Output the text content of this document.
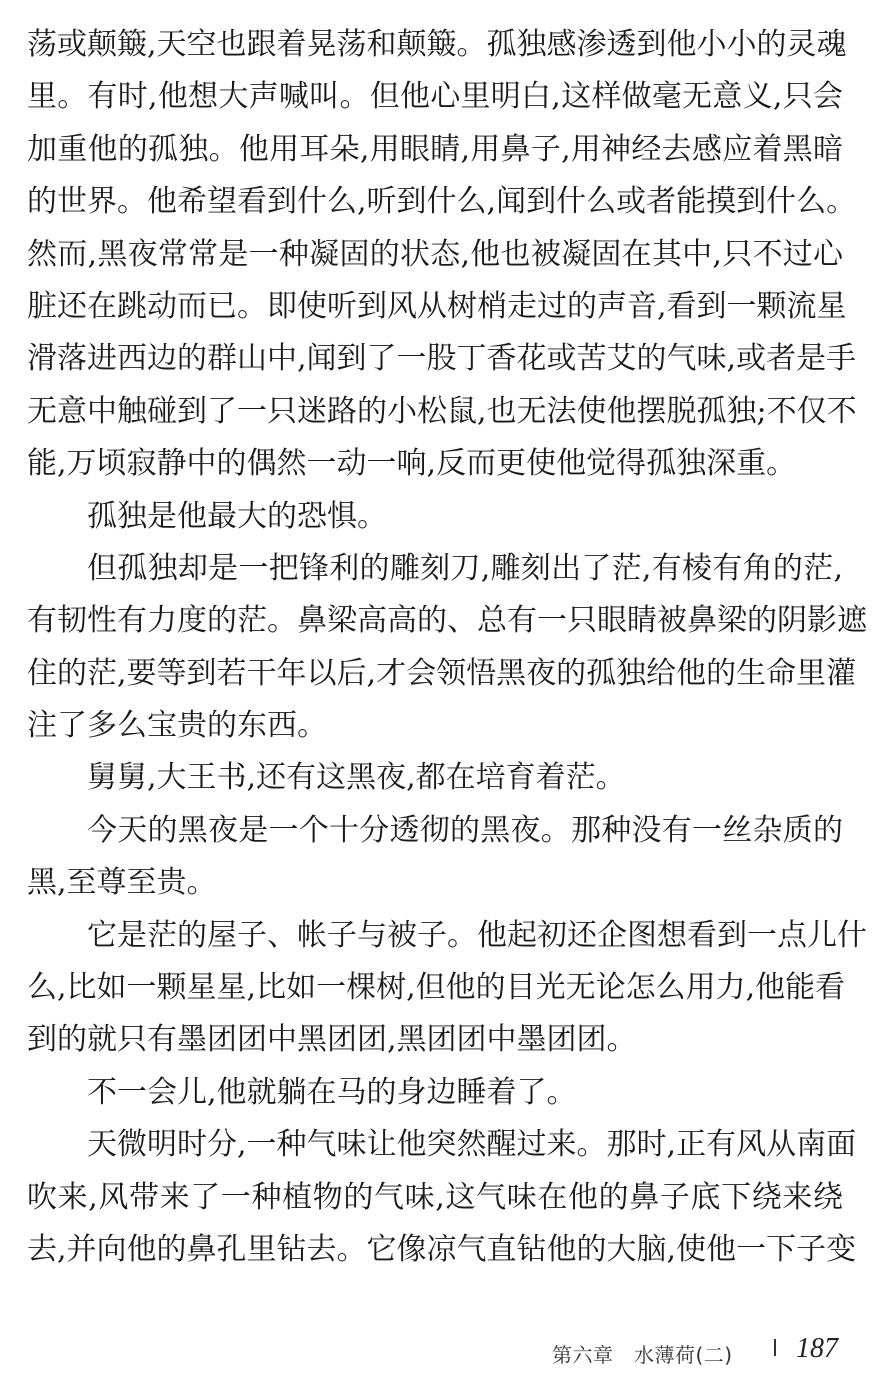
荡或颠簸,天空也跟着晃荡和颠簸。孤独感渗透到他小小的灵魂
里。有时,他想大声喊叫。但他心里明白,这样做毫无意义,只会
加重他的孤独。他用耳朵,用眼睛,用鼻子,用神经去感应着黑暗
的世界。他希望看到什么,听到什么,闻到什么或者能摸到什么。
然而,黑夜常常是一种凝固的状态,他也被凝固在其中,只不过心
脏还在跳动而已。即使听到风从树梢走过的声音,看到一颗流星
滑落进西边的群山中,闻到了一股丁香花或苦艾的气味,或者是手
无意中触碰到了一只迷路的小松鼠,也无法使他摆脱孤独;不仅不
能,万顷寂静中的偶然一动一响,反而更使他觉得孤独深重。
孤独是他最大的恐惧。
但孤独却是一把锋利的雕刻刀,雕刻出了茫,有棱有角的茫,
有韧性有力度的茫。鼻梁高高的、总有一只眼睛被鼻梁的阴影遮
住的茫,要等到若干年以后,才会领悟黑夜的孤独给他的生命里灌
注了多么宝贵的东西。
舅舅,大王书,还有这黑夜,都在培育着茫。
今天的黑夜是一个十分透彻的黑夜。那种没有一丝杂质的
黑,至尊至贵。
它是茫的屋子、帐子与被子。他起初还企图想看到一点儿什
么,比如一颗星星,比如一棵树,但他的目光无论怎么用力,他能看
到的就只有墨团团中黑团团,黑团团中墨团团。
不一会儿,他就躺在马的身边睡着了。
天微明时分,一种气味让他突然醒过来。那时,正有风从南面
吹来,风带来了一种植物的气味,这气味在他的鼻子底下绕来绕
去,并向他的鼻孔里钻去。它像凉气直钻他的大脑,使他一下子变
第六章　水薄荷(二) 187
